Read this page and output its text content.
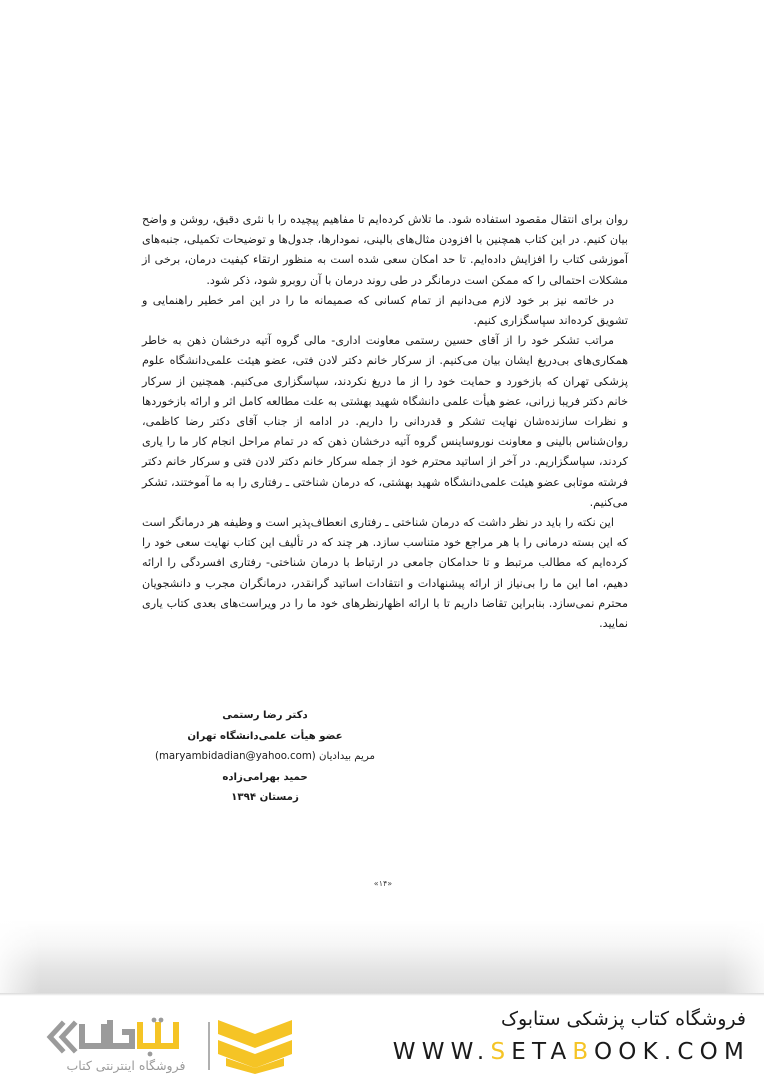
روان برای انتقال مقصود استفاده شود. ما تلاش کرده‌ایم تا مفاهیم پیچیده را با نثری دقیق، روشن و واضح بیان کنیم. در این کتاب همچنین با افزودن مثال‌های بالینی، نمودارها، جدول‌ها و توضیحات تکمیلی، جنبه‌های آموزشی کتاب را افزایش داده‌ایم. تا حد امکان سعی شده است به منظور ارتقاء کیفیت درمان، برخی از مشکلات احتمالی را که ممکن است درمانگر در طی روند درمان با آن روبرو شود، ذکر شود.

در خاتمه نیز بر خود لازم می‌دانیم از تمام کسانی که صمیمانه ما را در این امر خطیر راهنمایی و تشویق کرده‌اند سپاسگزاری کنیم.

مراتب تشکر خود را از آقای حسین رستمی معاونت اداری- مالی گروه آتیه درخشان ذهن به خاطر همکاری‌های بی‌دریغ ایشان بیان می‌کنیم. از سرکار خانم دکتر لادن فتی، عضو هیئت علمی‌دانشگاه علوم پزشکی تهران که بازخورد و حمایت خود را از ما دریغ نکردند، سپاسگزاری می‌کنیم. همچنین از سرکار خانم دکتر فریبا زرانی، عضو هیأت علمی دانشگاه شهید بهشتی به علت مطالعه کامل اثر و ارائه بازخوردها و نظرات سازنده‌شان نهایت تشکر و قدردانی را داریم. در ادامه از جناب آقای دکتر رضا کاظمی، روان‌شناس بالینی و معاونت نوروساینس گروه آتیه درخشان ذهن که در تمام مراحل انجام کار ما را یاری کردند، سپاسگزاریم. در آخر از اساتید محترم خود از جمله سرکار خانم دکتر لادن فتی و سرکار خانم دکتر فرشته موتابی عضو هیئت علمی‌دانشگاه شهید بهشتی، که درمان شناختی ـ رفتاری را به ما آموختند، تشکر می‌کنیم.

این نکته را باید در نظر داشت که درمان شناختی ـ رفتاری انعطاف‌پذیر است و وظیفه هر درمانگر است که این بسته درمانی را با هر مراجع خود متناسب سازد. هر چند که در تألیف این کتاب نهایت سعی خود را کرده‌ایم که مطالب مرتبط و تا حدامکان جامعی در ارتباط با درمان شناختی- رفتاری افسردگی را ارائه دهیم، اما این ما را بی‌نیاز از ارائه پیشنهادات و انتقادات اساتید گرانقدر، درمانگران مجرب و دانشجویان محترم نمی‌سازد. بنابراین تقاضا داریم تا با ارائه اظهارنظرهای خود ما را در ویراست‌های بعدی کتاب یاری نمایید.

دکتر رضا رستمی
عضو هیأت علمی‌دانشگاه تهران
مریم بیدادیان (maryambidadian@yahoo.com)
حمید بهرامی‌زاده
زمستان ۱۳۹۴
«۱۴»
فروشگاه اینترنتی کتاب
فروشگاه کتاب پزشکی ستابوک
WWW.SETABOOK.COM
